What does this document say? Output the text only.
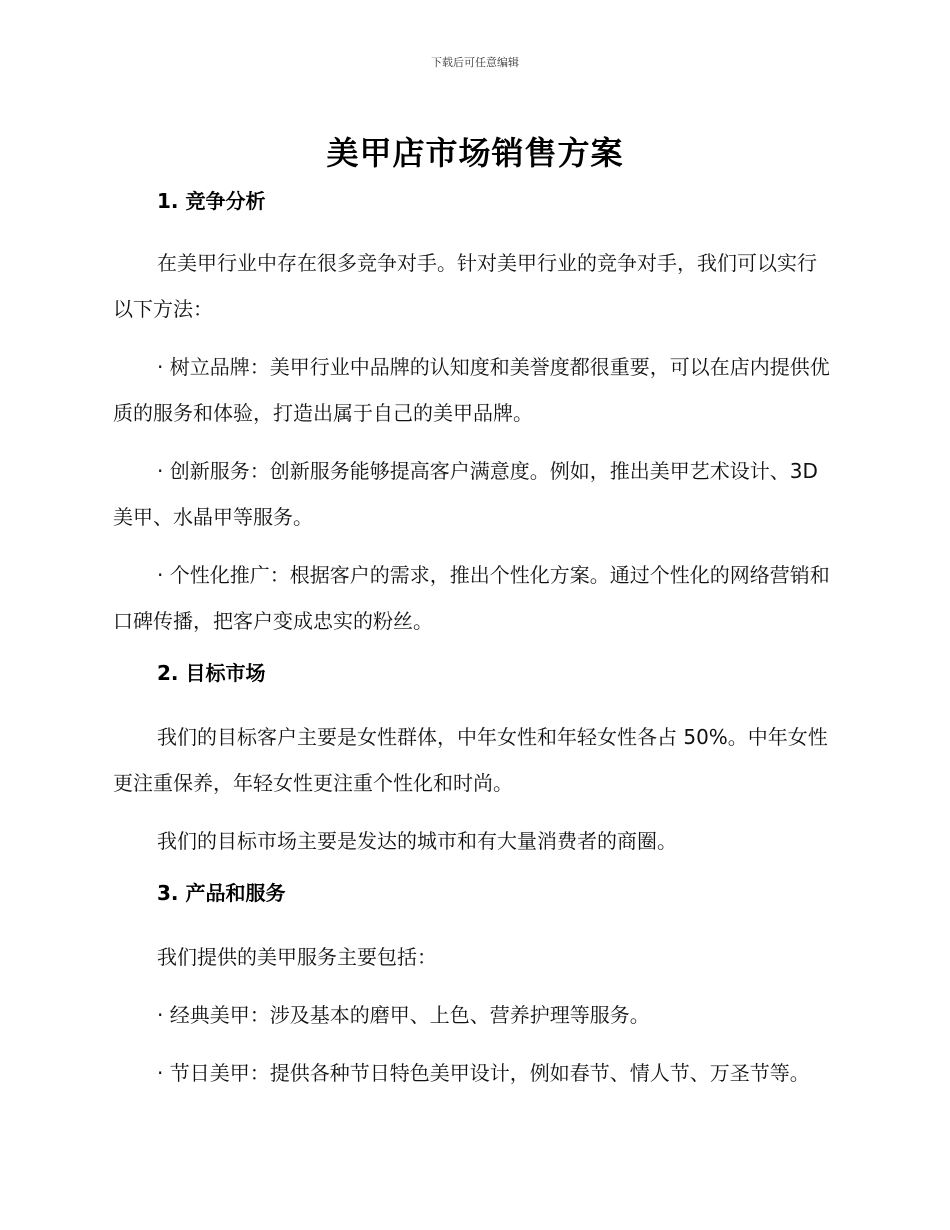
下载后可任意编辑
美甲店市场销售方案
1. 竞争分析

在美甲行业中存在很多竞争对手。针对美甲行业的竞争对手，我们可以实行以下方法：

· 树立品牌：美甲行业中品牌的认知度和美誉度都很重要，可以在店内提供优质的服务和体验，打造出属于自己的美甲品牌。

· 创新服务：创新服务能够提高客户满意度。例如，推出美甲艺术设计、3D 美甲、水晶甲等服务。

· 个性化推广：根据客户的需求，推出个性化方案。通过个性化的网络营销和口碑传播，把客户变成忠实的粉丝。

2. 目标市场

我们的目标客户主要是女性群体，中年女性和年轻女性各占 50%。中年女性更注重保养，年轻女性更注重个性化和时尚。

我们的目标市场主要是发达的城市和有大量消费者的商圈。

3. 产品和服务

我们提供的美甲服务主要包括：

· 经典美甲：涉及基本的磨甲、上色、营养护理等服务。

· 节日美甲：提供各种节日特色美甲设计，例如春节、情人节、万圣节等。
